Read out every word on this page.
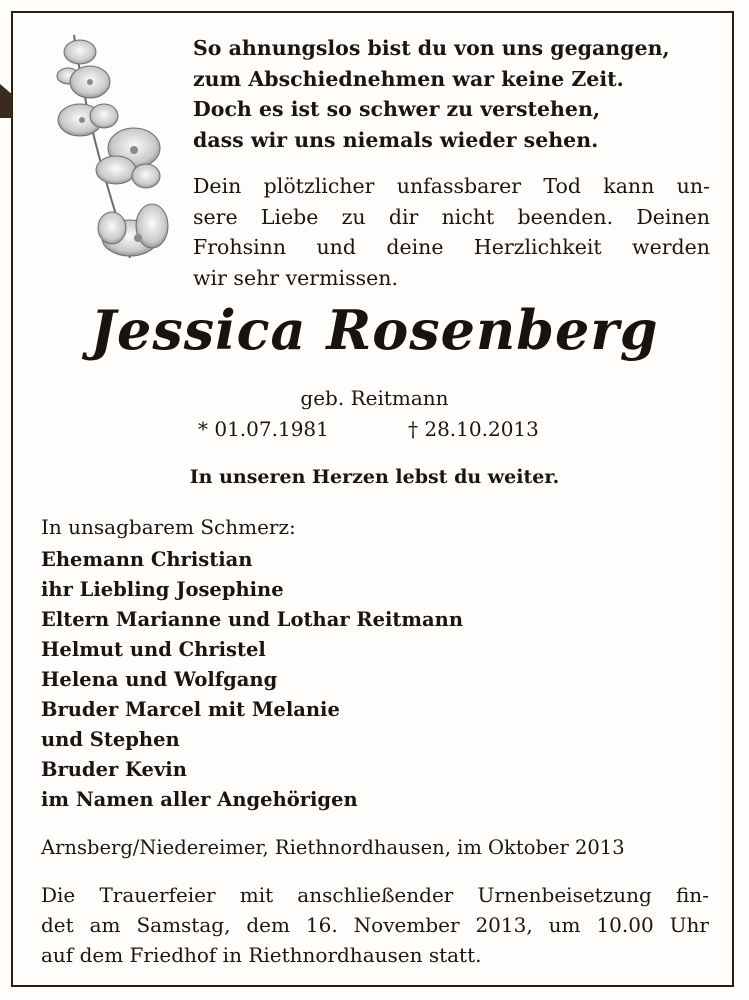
So ahnungslos bist du von uns gegangen,
zum Abschiednehmen war keine Zeit.
Doch es ist so schwer zu verstehen,
dass wir uns niemals wieder sehen.
Dein plötzlicher unfassbarer Tod kann un-
sere Liebe zu dir nicht beenden. Deinen
Frohsinn und deine Herzlichkeit werden
wir sehr vermissen.
Jessica Rosenberg
geb. Reitmann
* 01.07.1981	† 28.10.2013
In unseren Herzen lebst du weiter.
In unsagbarem Schmerz:
Ehemann Christian
ihr Liebling Josephine
Eltern Marianne und Lothar Reitmann
Helmut und Christel
Helena und Wolfgang
Bruder Marcel mit Melanie
und Stephen
Bruder Kevin
im Namen aller Angehörigen
Arnsberg/Niedereimer, Riethnordhausen, im Oktober 2013
Die Trauerfeier mit anschließender Urnenbeisetzung fin-
det am Samstag, dem 16. November 2013, um 10.00 Uhr
auf dem Friedhof in Riethnordhausen statt.
